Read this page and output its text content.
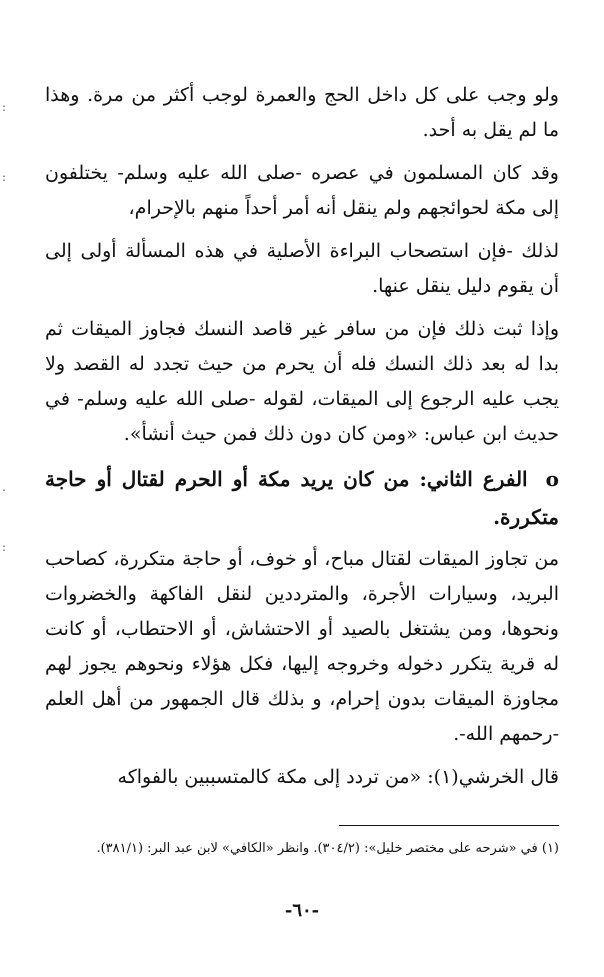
:
:
.
:

ولو وجب على كل داخل الحج والعمرة لوجب أكثر من مرة. وهذا ما لم يقل به أحد.

وقد كان المسلمون في عصره -صلى الله عليه وسلم- يختلفون إلى مكة لحوائجهم ولم ينقل أنه أمر أحداً منهم بالإحرام،

لذلك -فإن استصحاب البراءة الأصلية في هذه المسألة أولى إلى أن يقوم دليل ينقل عنها.

وإذا ثبت ذلك فإن من سافر غير قاصد النسك فجاوز الميقات ثم بدا له بعد ذلك النسك فله أن يحرم من حيث تجدد له القصد ولا يجب عليه الرجوع إلى الميقات، لقوله -صلى الله عليه وسلم- في حديث ابن عباس: «ومن كان دون ذلك فمن حيث أنشأ».

o الفرع الثاني: من كان يريد مكة أو الحرم لقتال أو حاجة متكررة.

من تجاوز الميقات لقتال مباح، أو خوف، أو حاجة متكررة، كصاحب البريد، وسيارات الأجرة، والمترددين لنقل الفاكهة والخضروات ونحوها، ومن يشتغل بالصيد أو الاحتشاش، أو الاحتطاب، أو كانت له قرية يتكرر دخوله وخروجه إليها، فكل هؤلاء ونحوهم يجوز لهم مجاوزة الميقات بدون إحرام، و بذلك قال الجمهور من أهل العلم -رحمهم الله-.

قال الخرشي(١): «من تردد إلى مكة كالمتسببين بالفواكه

(١) في «شرحه على مختصر خليل»: (٣٠٤/٢). وانظر «الكافي» لابن عبد البر: (٣٨١/١).
-٦٠-
